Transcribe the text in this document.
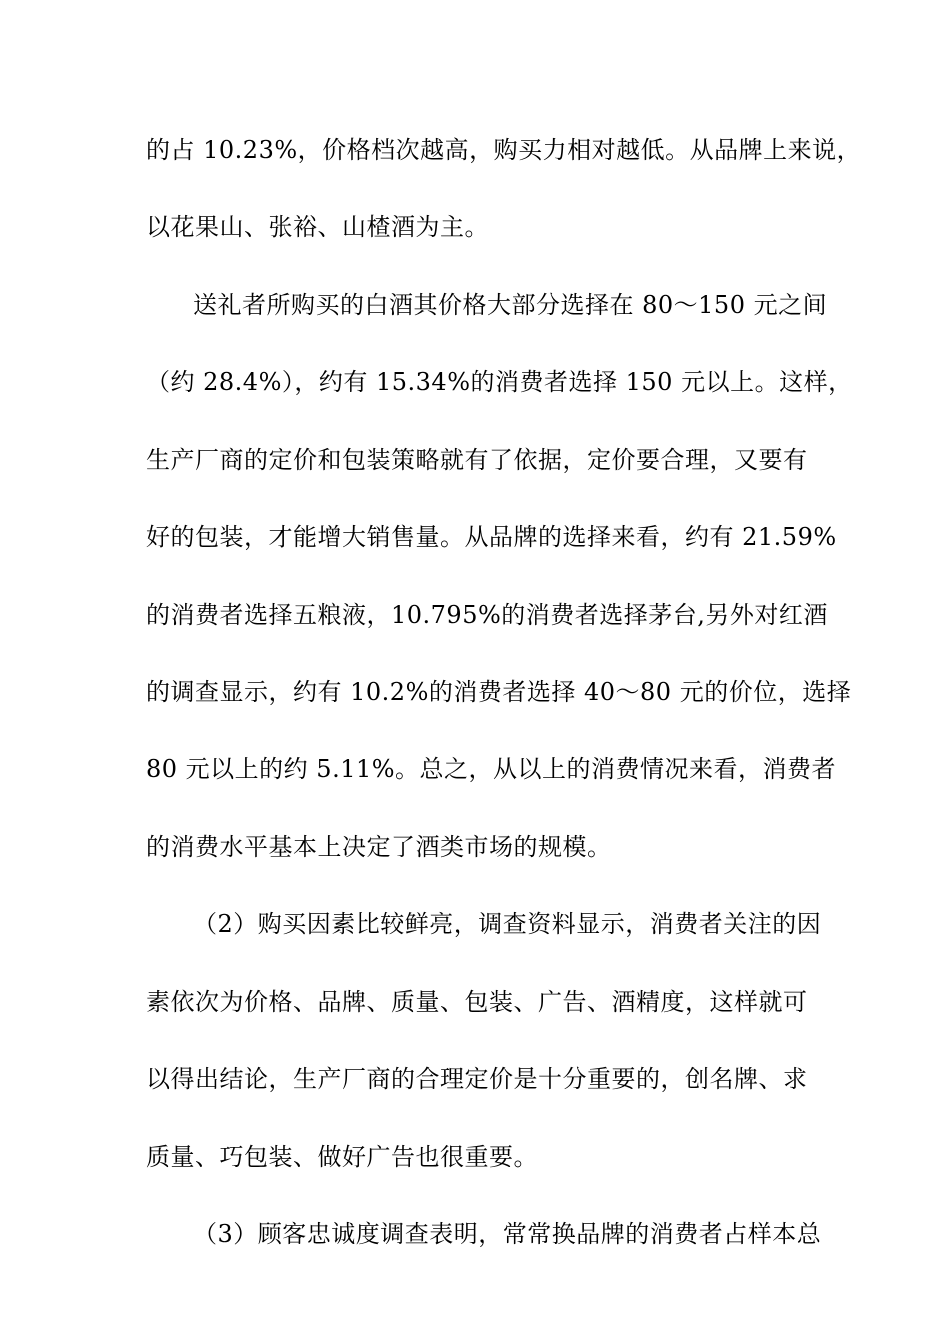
的占 10.23%，价格档次越高，购买力相对越低。从品牌上来说，
以花果山、张裕、山楂酒为主。
送礼者所购买的白酒其价格大部分选择在 80～150 元之间
（约 28.4%），约有 15.34%的消费者选择 150 元以上。这样，
生产厂商的定价和包装策略就有了依据，定价要合理，又要有
好的包装，才能增大销售量。从品牌的选择来看，约有 21.59%
的消费者选择五粮液，10.795%的消费者选择茅台,另外对红酒
的调查显示，约有 10.2%的消费者选择 40～80 元的价位，选择
80 元以上的约 5.11%。总之，从以上的消费情况来看，消费者
的消费水平基本上决定了酒类市场的规模。
（2）购买因素比较鲜亮，调查资料显示，消费者关注的因
素依次为价格、品牌、质量、包装、广告、酒精度，这样就可
以得出结论，生产厂商的合理定价是十分重要的，创名牌、求
质量、巧包装、做好广告也很重要。
（3）顾客忠诚度调查表明，常常换品牌的消费者占样本总
